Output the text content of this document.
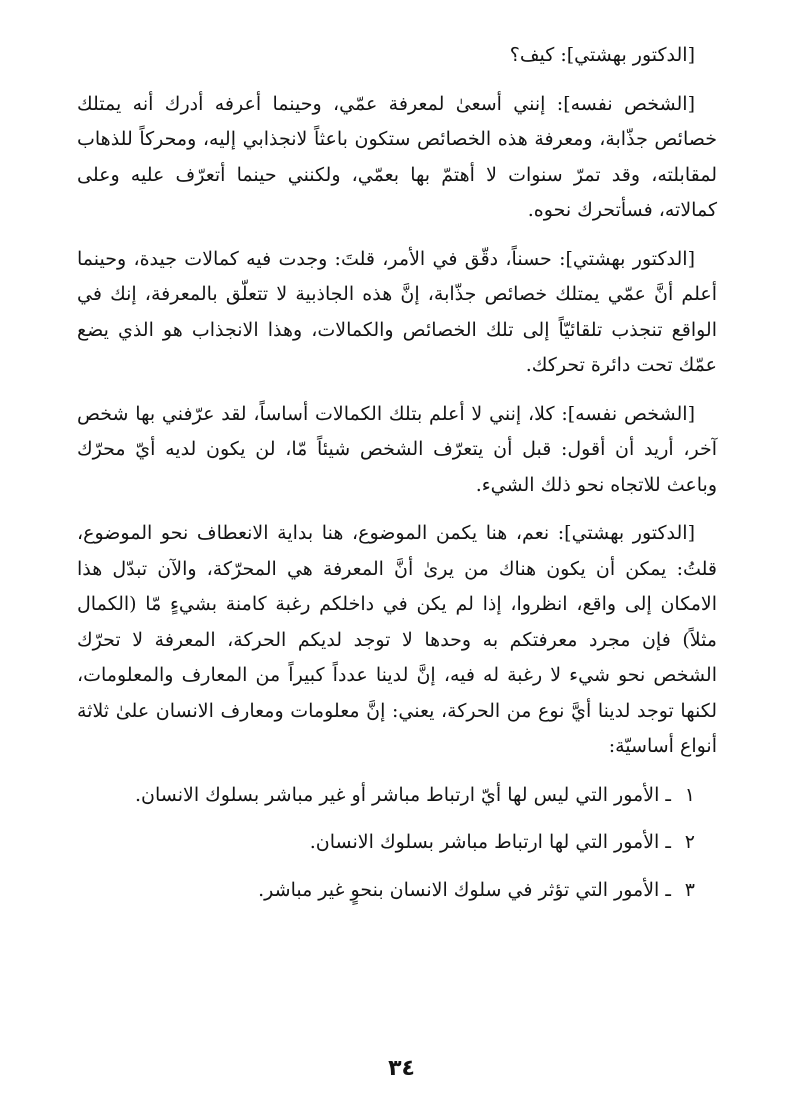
[الدكتور بهشتي]: كيف؟

[الشخص نفسه]: إنني أسعىٰ لمعرفة عمّي، وحينما أعرفه أدرك أنه يمتلك خصائص جذّابة، ومعرفة هذه الخصائص ستكون باعثاً لانجذابي إليه، ومحركاً للذهاب لمقابلته، وقد تمرّ سنوات لا أهتمّ بها بعمّي، ولكنني حينما أتعرّف عليه وعلى كمالاته، فسأتحرك نحوه.

[الدكتور بهشتي]: حسناً، دقّق في الأمر، قلتَ: وجدت فيه كمالات جيدة، وحينما أعلم أنَّ عمّي يمتلك خصائص جذّابة، إنَّ هذه الجاذبية لا تتعلّق بالمعرفة، إنك في الواقع تنجذب تلقائيّاً إلى تلك الخصائص والكمالات، وهذا الانجذاب هو الذي يضع عمّك تحت دائرة تحركك.

[الشخص نفسه]: كلا، إنني لا أعلم بتلك الكمالات أساساً، لقد عرّفني بها شخص آخر، أريد أن أقول: قبل أن يتعرّف الشخص شيئاً مّا، لن يكون لديه أيّ محرّك وباعث للاتجاه نحو ذلك الشيء.

[الدكتور بهشتي]: نعم، هنا يكمن الموضوع، هنا بداية الانعطاف نحو الموضوع، قلتُ: يمكن أن يكون هناك من يرىٰ أنَّ المعرفة هي المحرّكة، والآن تبدّل هذا الامكان إلى واقع، انظروا، إذا لم يكن في داخلكم رغبة كامنة بشيءٍ مّا (الكمال مثلاً) فإن مجرد معرفتكم به وحدها لا توجد لديكم الحركة، المعرفة لا تحرّك الشخص نحو شيء لا رغبة له فيه، إنَّ لدينا عدداً كبيراً من المعارف والمعلومات، لكنها توجد لدينا أيَّ نوع من الحركة، يعني: إنَّ معلومات ومعارف الانسان علىٰ ثلاثة أنواع أساسيّة:

١ ـ الأمور التي ليس لها أيّ ارتباط مباشر أو غير مباشر بسلوك الانسان.
٢ ـ الأمور التي لها ارتباط مباشر بسلوك الانسان.
٣ ـ الأمور التي تؤثر في سلوك الانسان بنحوٍ غير مباشر.
٣٤
